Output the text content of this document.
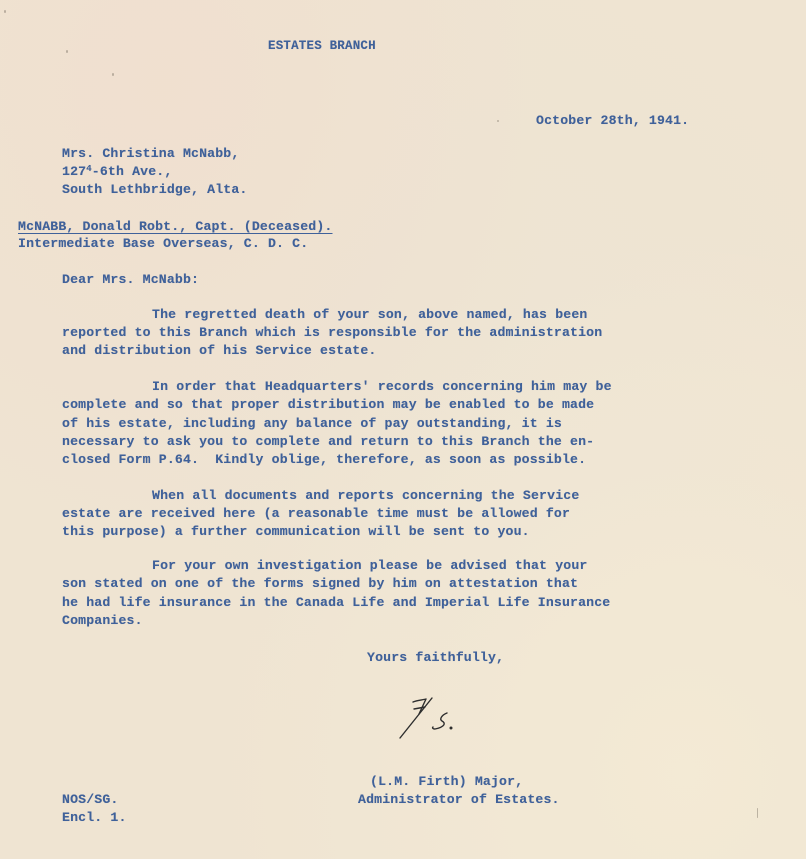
ESTATES BRANCH
October 28th, 1941.
Mrs. Christina McNabb,
$127^4-6th$ Ave.,
South Lethbridge, Alta.
McNABB, Donald Robt., Capt. (Deceased).
Intermediate Base Overseas, C. D. C.
Dear Mrs. McNabb:
The regretted death of your son, above named, has been
reported to this Branch which is responsible for the administration
and distribution of his Service estate.
In order that Headquarters' records concerning him may be
complete and so that proper distribution may be enabled to be made
of his estate, including any balance of pay outstanding, it is
necessary to ask you to complete and return to this Branch the en-
closed Form P.64.  Kindly oblige, therefore, as soon as possible.
When all documents and reports concerning the Service
estate are received here (a reasonable time must be allowed for
this purpose) a further communication will be sent to you.
For your own investigation please be advised that your
son stated on one of the forms signed by him on attestation that
he had life insurance in the Canada Life and Imperial Life Insurance
Companies.
Yours faithfully,
(L.M. Firth) Major,
Administrator of Estates.
NOS/SG.
Encl. 1.
